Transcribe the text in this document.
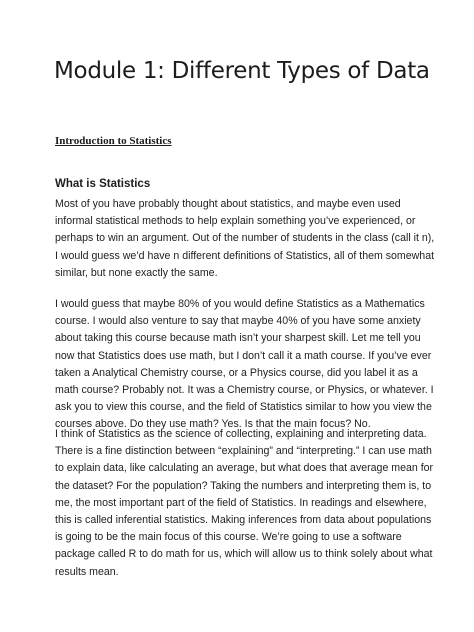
Module 1: Different Types of Data

Introduction to Statistics

What is Statistics

Most of you have probably thought about statistics, and maybe even used informal statistical methods to help explain something you’ve experienced, or perhaps to win an argument. Out of the number of students in the class (call it n), I would guess we’d have n different definitions of Statistics, all of them somewhat similar, but none exactly the same.

I would guess that maybe 80% of you would define Statistics as a Mathematics course. I would also venture to say that maybe 40% of you have some anxiety about taking this course because math isn’t your sharpest skill. Let me tell you now that Statistics does use math, but I don’t call it a math course. If you’ve ever taken a Analytical Chemistry course, or a Physics course, did you label it as a math course? Probably not. It was a Chemistry course, or Physics, or whatever. I ask you to view this course, and the field of Statistics similar to how you view the courses above. Do they use math? Yes. Is that the main focus? No.

I think of Statistics as the science of collecting, explaining and interpreting data. There is a fine distinction between “explaining” and “interpreting.” I can use math to explain data, like calculating an average, but what does that average mean for the dataset? For the population? Taking the numbers and interpreting them is, to me, the most important part of the field of Statistics. In readings and elsewhere, this is called inferential statistics. Making inferences from data about populations is going to be the main focus of this course. We’re going to use a software package called R to do math for us, which will allow us to think solely about what results mean.
